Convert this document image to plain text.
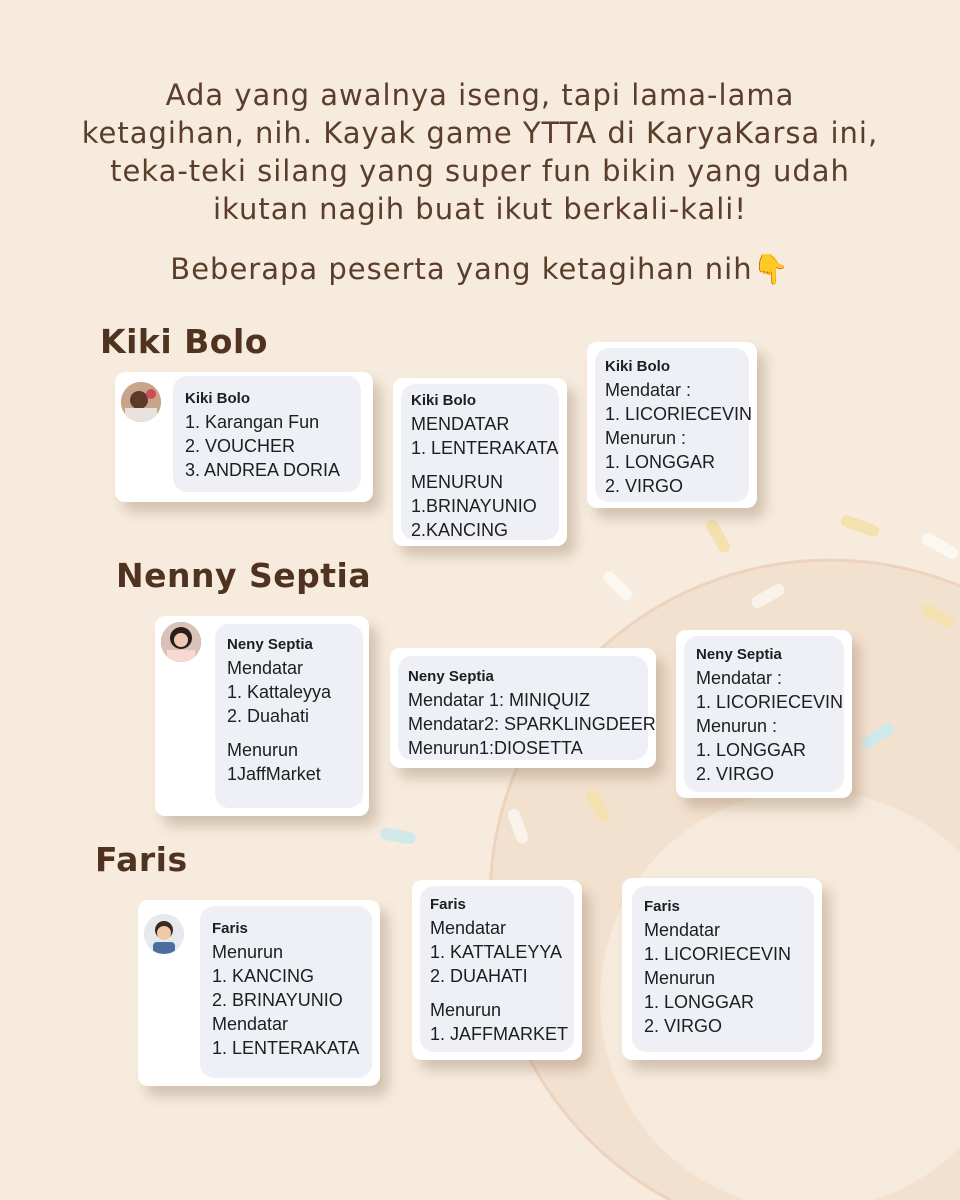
Ada yang awalnya iseng, tapi lama-lama ketagihan, nih. Kayak game YTTA di KaryaKarsa ini, teka-teki silang yang super fun bikin yang udah ikutan nagih buat ikut berkali-kali!

Beberapa peserta yang ketagihan nih👇
Kiki Bolo
Kiki Bolo
1. Karangan Fun
2. VOUCHER
3. ANDREA DORIA
Kiki Bolo
MENDATAR
1. LENTERAKATA
MENURUN
1.BRINAYUNIO
2.KANCING
Kiki Bolo
Mendatar :
1. LICORIECEVIN
Menurun :
1. LONGGAR
2. VIRGO
Nenny Septia
Neny Septia
Mendatar
1. Kattaleyya
2. Duahati
Menurun
1JaffMarket
Neny Septia
Mendatar 1: MINIQUIZ
Mendatar2: SPARKLINGDEER
Menurun1:DIOSETTA
Neny Septia
Mendatar :
1. LICORIECEVIN
Menurun :
1. LONGGAR
2. VIRGO
Faris
Faris
Menurun
1. KANCING
2. BRINAYUNIO
Mendatar
1. LENTERAKATA
Faris
Mendatar
1. KATTALEYYA
2. DUAHATI
Menurun
1. JAFFMARKET
Faris
Mendatar
1. LICORIECEVIN
Menurun
1. LONGGAR
2. VIRGO
